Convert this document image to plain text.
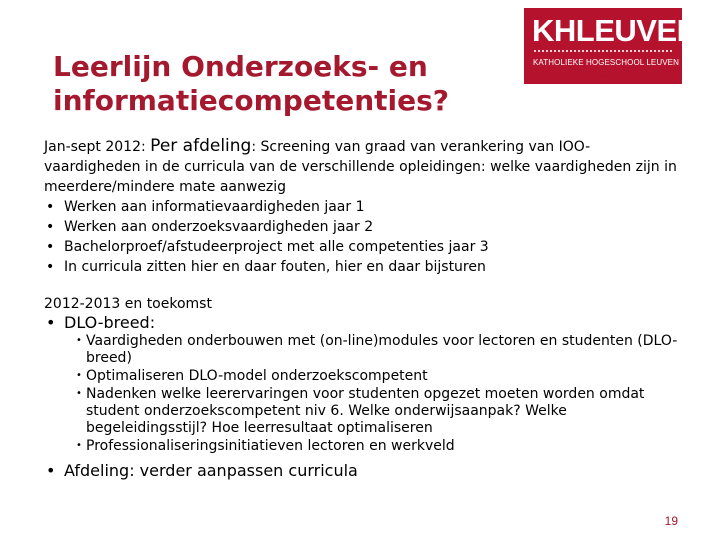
Leerlijn Onderzoeks- en informatiecompetenties?
KHLEUVEN
KATHOLIEKE HOGESCHOOL LEUVEN
ASSOCIATIE KATHOLIEKE UNIVERSITEIT LEUVEN

Jan-sept 2012: Per afdeling: Screening van graad van verankering van IOO-vaardigheden in de curricula van de verschillende opleidingen: welke vaardigheden zijn in meerdere/mindere mate aanwezig

• Werken aan informatievaardigheden jaar 1
• Werken aan onderzoeksvaardigheden jaar 2
• Bachelorproef/afstudeerproject met alle competenties jaar 3
• In curricula zitten hier en daar fouten, hier en daar bijsturen
2012-2013 en toekomst
• DLO-breed:
• Vaardigheden onderbouwen met (on-line)modules voor lectoren en studenten (DLO-breed)
• Optimaliseren DLO-model onderzoekscompetent
• Nadenken welke leerervaringen voor studenten opgezet moeten worden omdat student onderzoekscompetent niv 6. Welke onderwijsaanpak? Welke begeleidingsstijl? Hoe leerresultaat optimaliseren
• Professionaliseringsinitiatieven lectoren en werkveld
• Afdeling: verder aanpassen curricula
19
